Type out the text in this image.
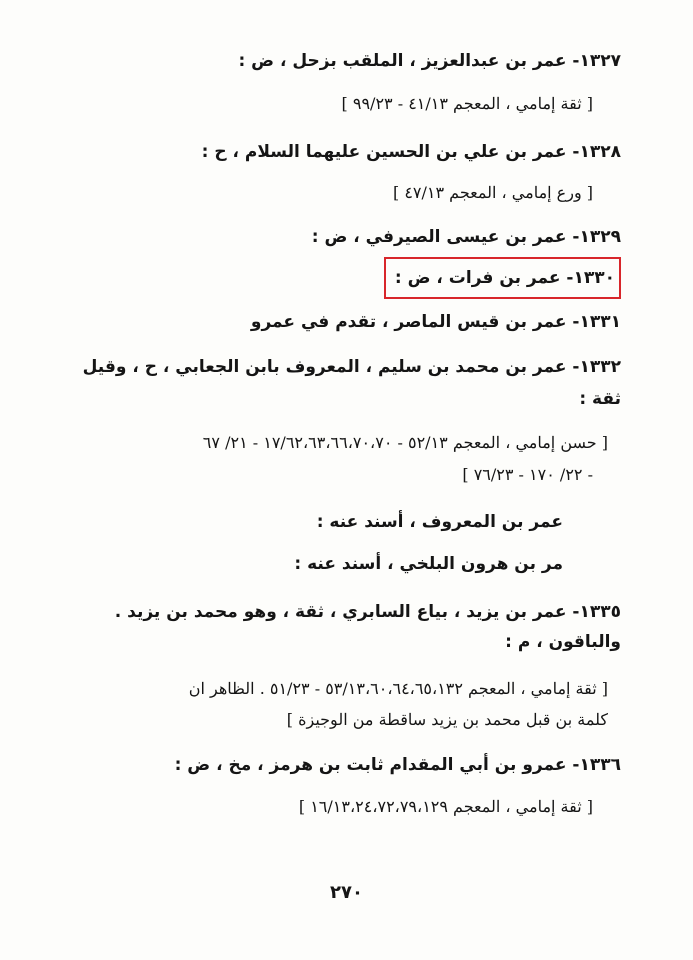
١٣٢٧- عمر بن عبدالعزيز ، الملقب بزحل ، ض :
[ ثقة إمامي ، المعجم ٤١/١٣ - ٩٩/٢٣ ]
١٣٢٨- عمر بن علي بن الحسين عليهما السلام ، ح :
[ ورع إمامي ، المعجم ٤٧/١٣ ]
١٣٢٩- عمر بن عيسى الصيرفي ، ض :
١٣٣٠- عمر بن فرات ، ض :
١٣٣١- عمر بن قيس الماصر ، تقدم في عمرو
١٣٣٢- عمر بن محمد بن سليم ، المعروف بابن الجعابي ، ح ، وقيل
ثقة :
[ حسن إمامي ، المعجم ٥٢/١٣ - ١٧/٦٢،٦٣،٦٦،٧٠،٧٠ - ٢١/ ٦٧
- ٢٢/ ١٧٠ - ٧٦/٢٣ ]
عمر بن المعروف ، أسند عنه :
مر بن هرون البلخي ، أسند عنه :
١٣٣٥- عمر بن يزيد ، بياع السابري ، ثقة ، وهو محمد بن يزيد .
والباقون ، م :
[ ثقة إمامي ، المعجم ٥٣/١٣،٦٠،٦٤،٦٥،١٣٢ - ٥١/٢٣ . الظاهر ان
كلمة بن قبل محمد بن يزيد ساقطة من الوجيزة ]
١٣٣٦- عمرو بن أبي المقدام ثابت بن هرمز ، مخ ، ض :
[ ثقة إمامي ، المعجم ١٦/١٣،٢٤،٧٢،٧٩،١٢٩ ]
٢٧٠
